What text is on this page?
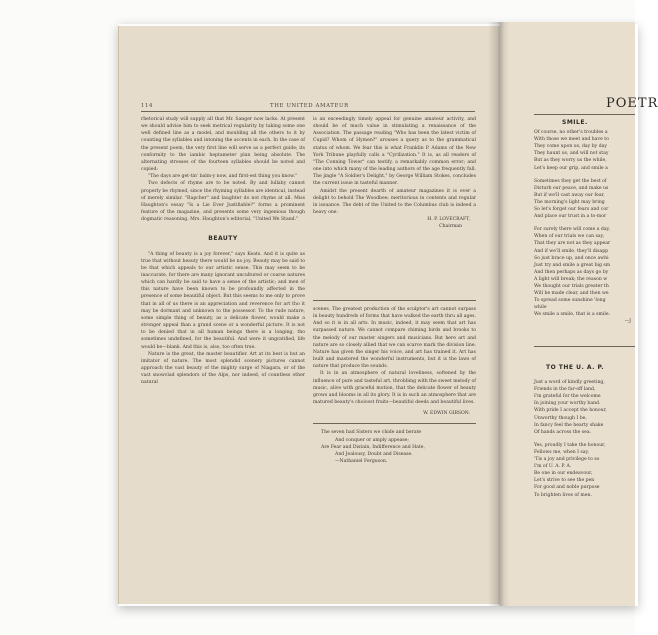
114	THE UNITED AMATEUR

rhetorical study will supply all that Mr. Sanger now lacks. At present we should advise him to seek metrical regularity by taking some one well defined line as a model, and moulding all the others to it by counting the syllables and intoning the accents in each. In the case of the present poem, the very first line will serve as a perfect guide; its conformity to the iambic heptameter plan being absolute. The alternating stresses of the fourteen syllables should be noted and copied:

"The days are get-tin' balm-y now, and first-est thing you know."

Two defects of rhyme are to be noted. By and lullaby cannot properly be rhymed, since the rhyming syllables are identical, instead of merely similar. "Rapcher" and laughter do not rhyme at all. Miss Haughton's essay "Is a Lie Ever Justifiable?" forms a prominent feature of the magazine, and presents some very ingenious though dogmatic reasoning. Mrs. Haughton's editorial, "United We Stand."

BEAUTY

"A thing of beauty is a joy forever," says Keats. And it is quite as true that without beauty there would be no joy. Beauty may be said to be that which appeals to our artistic sense. This may seem to be inaccurate, for there are many ignorant uncultured or coarse natures which can hardly be said to have a sense of the artistic; and men of this nature have been known to be profoundly affected in the presence of some beautiful object. But this seems to me only to prove that in all of us there is an appreciation and reverence for art tho it may be dormant and unknown to the possessor. To the rude nature, some simple thing of beauty, as a delicate flower, would make a stronger appeal than a grand scene or a wonderful picture. It is not to be denied that in all human beings there is a longing, tho sometimes undefined, for the beautiful. And were it ungratified, life would be—blank. And this is, also, too often true.

Nature is the great, the master beautifier. Art at its best is but an imitator of nature. The most splendid scenery pictures cannot approach the vast beauty of the mighty surge of Niagara, or of the vast snowclad splendors of the Alps, nor indeed, of countless other natural

is an exceedingly timely appeal for genuine amateur activity, and should be of much value in stimulating a renaissance of the Association. The passage reading "Who has been the latest victim of Cupid? Whom of Hymen?" arouses a query as to the grammatical status of whom. We fear this is what Franklin P. Adams of the New York Tribune playfully calls a "Cyrilization." It is, as all readers of "The Conning Tower" can testify, a remarkably common error; and one into which many of the leading authors of the age frequently fall. The jingle "A Soldier's Delight," by George William Stokes, concludes the current issue in tasteful manner.

Amidst the present dearth of amateur magazines it is ever a delight to behold The Woodbee; meritorious in contents and regular in issuance. The debt of the United to the Columbus club is indeed a heavy one.

H. P. LOVECRAFT,

Chairman

scenes. The greatest production of the sculptor's art cannot surpass in beauty hundreds of forms that have walked the earth thru all ages. And so it is in all arts. In music, indeed, it may seem that art has surpassed nature. We cannot compare chiming birds and brooks to the melody of our master singers and musicians. But here art and nature are so closely allied that we can scarce mark the division line. Nature has given the singer his voice, and art has trained it. Art has built and mastered the wonderful instruments, but it is the laws of nature that produce the sounds.

It is in an atmosphere of natural loveliness, softened by the influence of pure and tasteful art, throbbing with the sweet melody of music, alive with graceful motion, that the delicate flower of beauty grows and blooms in all its glory. It is in such an atmosphere that are matured beauty's choicest fruits—beautiful deeds and beautiful lives.

W. EDWIN GIBSON.

The seven had Sisters we chide and berate
And conquer or amply appease;
Are Fear and Distain, Indifference and Hate,
And Jealousy, Doubt and Disease.
—Nathaniel Ferguson.
POETR
SMILE.
Of course, no other's troubles a
With those we meet and have to
They come upon us, day by day
They haunt us, and will not stay
But as they worry us the while,
Let's keep our grip, and smile a
Sometimes they get the best of
Disturb our peace, and make us
But if we'll cast away our fear,
The morning's light may bring
So let's forget our fears and cor
And place our trust in a to-mor
For surely there will come a day,
When of our trials we can say,
That they are not as they appear
And if we'll smile, they'll disapp
So just brace up, and once awhi
Just try and smile a great big sm
And then perhaps as days go by
A light will break; the reason w
We thought our trials greater th
Will be made clear, and then we
To spread some sunshine 'long
while
We smile a smile, that is a smile.
—J
TO THE U. A. P.
Just a word of kindly greeting,
Friends in the far-off land,
I'm grateful for the welcome
In joining your worthy band.
With pride I accept the honour,
Unworthy though I be,
In fancy feel the hearty shake
Of hands across the sea.
Yes, proudly I take the honour,
Fellows me, when I say,
'Tis a joy and privilege to so
I'm of U. A. P. A.
Be one in our endeavour,
Let's strive to see the pen
For good and noble purpose
To brighten lives of men.
